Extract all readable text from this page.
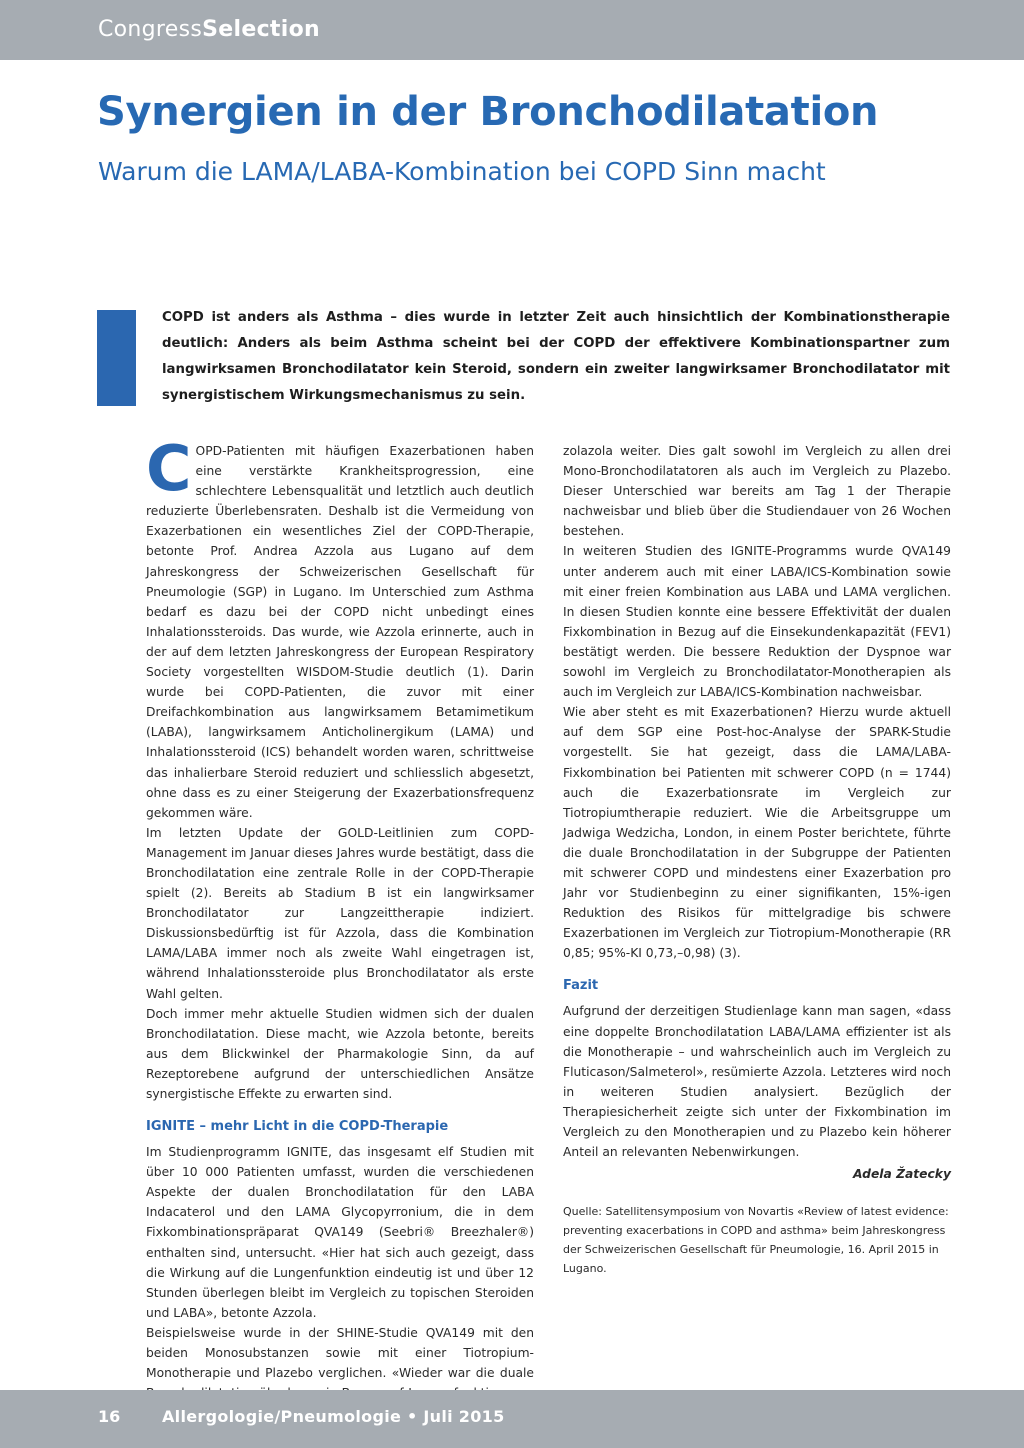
CongressSelection
Synergien in der Bronchodilatation
Warum die LAMA/LABA-Kombination bei COPD Sinn macht

COPD ist anders als Asthma – dies wurde in letzter Zeit auch hinsichtlich der Kombinationstherapie deutlich: Anders als beim Asthma scheint bei der COPD der effektivere Kombinationspartner zum langwirksamen Bronchodilatator kein Steroid, sondern ein zweiter langwirksamer Bronchodilatator mit synergistischem Wirkungsmechanismus zu sein.

COPD-Patienten mit häufigen Exazerbationen haben eine verstärkte Krankheitsprogression, eine schlechtere Lebensqualität und letztlich auch deutlich reduzierte Überlebensraten. Deshalb ist die Vermeidung von Exazerbationen ein wesentliches Ziel der COPD-Therapie, betonte Prof. Andrea Azzola aus Lugano auf dem Jahreskongress der Schweizerischen Gesellschaft für Pneumologie (SGP) in Lugano. Im Unterschied zum Asthma bedarf es dazu bei der COPD nicht unbedingt eines Inhalationssteroids. Das wurde, wie Azzola erinnerte, auch in der auf dem letzten Jahreskongress der European Respiratory Society vorgestellten WISDOM-Studie deutlich (1). Darin wurde bei COPD-Patienten, die zuvor mit einer Dreifachkombination aus langwirksamem Betamimetikum (LABA), langwirksamem Anticholinergikum (LAMA) und Inhalationssteroid (ICS) behandelt worden waren, schrittweise das inhalierbare Steroid reduziert und schliesslich abgesetzt, ohne dass es zu einer Steigerung der Exazerbationsfrequenz gekommen wäre.

Im letzten Update der GOLD-Leitlinien zum COPD-Management im Januar dieses Jahres wurde bestätigt, dass die Bronchodilatation eine zentrale Rolle in der COPD-Therapie spielt (2). Bereits ab Stadium B ist ein langwirksamer Bronchodilatator zur Langzeittherapie indiziert. Diskussionsbedürftig ist für Azzola, dass die Kombination LAMA/LABA immer noch als zweite Wahl eingetragen ist, während Inhalationssteroide plus Bronchodilatator als erste Wahl gelten.

Doch immer mehr aktuelle Studien widmen sich der dualen Bronchodilatation. Diese macht, wie Azzola betonte, bereits aus dem Blickwinkel der Pharmakologie Sinn, da auf Rezeptorebene aufgrund der unterschiedlichen Ansätze synergistische Effekte zu erwarten sind.

IGNITE – mehr Licht in die COPD-Therapie

Im Studienprogramm IGNITE, das insgesamt elf Studien mit über 10 000 Patienten umfasst, wurden die verschiedenen Aspekte der dualen Bronchodilatation für den LABA Indacaterol und den LAMA Glycopyrronium, die in dem Fixkombinationspräparat QVA149 (Seebri® Breezhaler®) enthalten sind, untersucht. «Hier hat sich auch gezeigt, dass die Wirkung auf die Lungenfunktion eindeutig ist und über 12 Stunden überlegen bleibt im Vergleich zu topischen Steroiden und LABA», betonte Azzola.

Beispielsweise wurde in der SHINE-Studie QVA149 mit den beiden Monosubstanzen sowie mit einer Tiotropium-Monotherapie und Plazebo verglichen. «Wieder war die duale

zolazola weiter. Dies galt sowohl im Vergleich zu allen drei Mono-Bronchodilatatoren als auch im Vergleich zu Plazebo. Dieser Unterschied war bereits am Tag 1 der Therapie nachweisbar und blieb über die Studiendauer von 26 Wochen bestehen.

In weiteren Studien des IGNITE-Programms wurde QVA149 unter anderem auch mit einer LABA/ICS-Kombination sowie mit einer freien Kombination aus LABA und LAMA verglichen. In diesen Studien konnte eine bessere Effektivität der dualen Fixkombination in Bezug auf die Einsekundenkapazität (FEV1) bestätigt werden. Die bessere Reduktion der Dyspnoe war sowohl im Vergleich zu Bronchodilatator-Monotherapien als auch im Vergleich zur LABA/ICS-Kombination nachweisbar.

Wie aber steht es mit Exazerbationen? Hierzu wurde aktuell auf dem SGP eine Post-hoc-Analyse der SPARK-Studie vorgestellt. Sie hat gezeigt, dass die LAMA/LABA-Fixkombination bei Patienten mit schwerer COPD (n = 1744) auch die Exazerbationsrate im Vergleich zur Tiotropiumtherapie reduziert. Wie die Arbeitsgruppe um Jadwiga Wedzicha, London, in einem Poster berichtete, führte die duale Bronchodilatation in der Subgruppe der Patienten mit schwerer COPD und mindestens einer Exazerbation pro Jahr vor Studienbeginn zu einer signifikanten, 15%-igen Reduktion des Risikos für mittelgradige bis schwere Exazerbationen im Vergleich zur Tiotropium-Monotherapie (RR 0,85; 95%-KI 0,73,–0,98) (3).

Fazit

Aufgrund der derzeitigen Studienlage kann man sagen, «dass eine doppelte Bronchodilatation LABA/LAMA effizienter ist als die Monotherapie – und wahrscheinlich auch im Vergleich zu Fluticason/Salmeterol», resümierte Azzola. Letzteres wird noch in weiteren Studien analysiert. Bezüglich der Therapiesicherheit zeigte sich unter der Fixkombination im Vergleich zu den Monotherapien und zu Plazebo kein höherer Anteil an relevanten Nebenwirkungen.

Adela Žatecky

Quelle: Satellitensymposium von Novartis «Review of latest evidence: preventing exacerbations in COPD and asthma» beim Jahreskongress der Schweizerischen Gesellschaft für Pneumologie, 16. April 2015 in Lugano.

16	Allergologie/Pneumologie • Juli 2015
